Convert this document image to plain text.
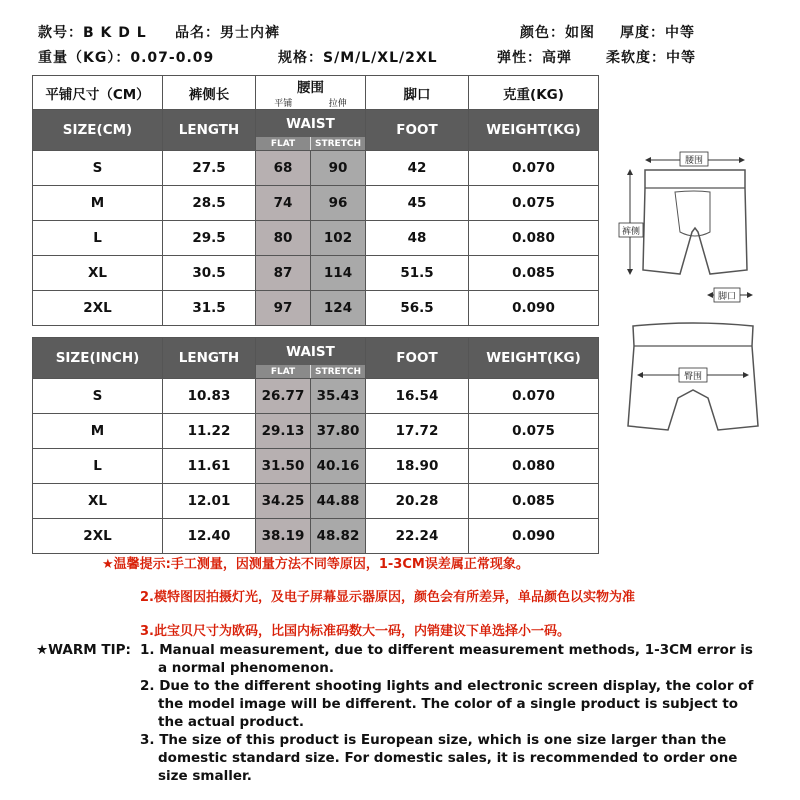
款号：B K D L 品名：男士内裤	颜色：如图 厚度：中等
重量（KG）：0.07-0.09	规格：S/M/L/XL/2XL	弹性：高弹 柔软度：中等
平铺尺寸（CM）	裤侧长	腰围
平铺 拉伸		脚口	克重(KG)
SIZE(CM)	LENGTH	WAIST
FLAT STRETCH		FOOT	WEIGHT(KG)
S	27.5	68	90	42	0.070
M	28.5	74	96	45	0.075
L	29.5	80	102	48	0.080
XL	30.5	87	114	51.5	0.085
2XL	31.5	97	124	56.5	0.090
SIZE(INCH)	LENGTH	WAIST
FLAT STRETCH		FOOT	WEIGHT(KG)
S	10.83	26.77	35.43	16.54	0.070
M	11.22	29.13	37.80	17.72	0.075
L	11.61	31.50	40.16	18.90	0.080
XL	12.01	34.25	44.88	20.28	0.085
2XL	12.40	38.19	48.82	22.24	0.090
腰围
裤侧
脚口
臀围
★温馨提示:手工测量，因测量方法不同等原因，1-3CM误差属正常现象。
2.模特图因拍摄灯光，及电子屏幕显示器原因，颜色会有所差异，单品颜色以实物为准
3.此宝贝尺寸为欧码，比国内标准码数大一码，内销建议下单选择小一码。
★WARM TIP: 1. Manual measurement, due to different measurement methods, 1-3CM error is a normal phenomenon.
2. Due to the different shooting lights and electronic screen display, the color of the model image will be different. The color of a single product is subject to the actual product.
3. The size of this product is European size, which is one size larger than the domestic standard size. For domestic sales, it is recommended to order one size smaller.
